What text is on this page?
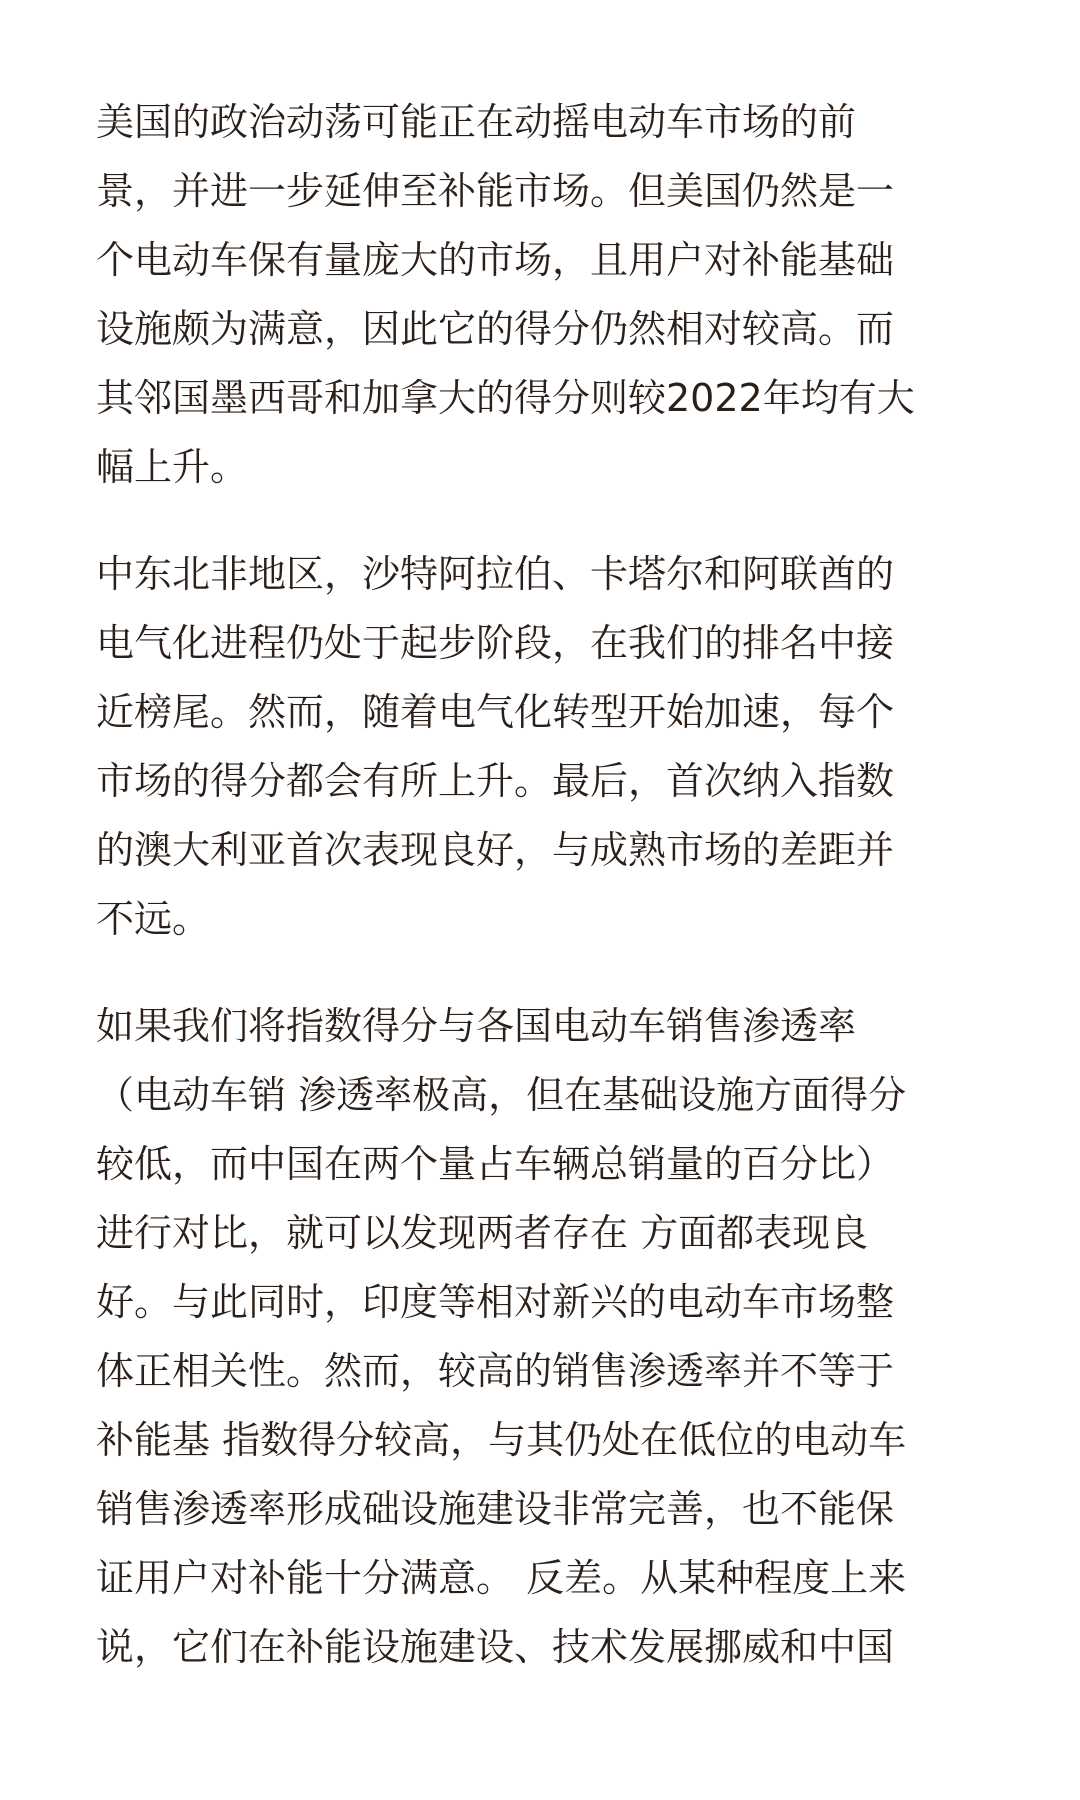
美国的政治动荡可能正在动摇电动车市场的前
景，并进一步延伸至补能市场。但美国仍然是一
个电动车保有量庞大的市场，且用户对补能基础
设施颇为满意，因此它的得分仍然相对较高。而
其邻国墨西哥和加拿大的得分则较2022年均有大
幅上升。

中东北非地区，沙特阿拉伯、卡塔尔和阿联酋的
电气化进程仍处于起步阶段，在我们的排名中接
近榜尾。然而，随着电气化转型开始加速，每个
市场的得分都会有所上升。最后，首次纳入指数
的澳大利亚首次表现良好，与成熟市场的差距并
不远。

如果我们将指数得分与各国电动车销售渗透率
（电动车销 渗透率极高，但在基础设施方面得分
较低，而中国在两个量占车辆总销量的百分比）
进行对比，就可以发现两者存在 方面都表现良
好。与此同时，印度等相对新兴的电动车市场整
体正相关性。然而，较高的销售渗透率并不等于
补能基 指数得分较高，与其仍处在低位的电动车
销售渗透率形成础设施建设非常完善，也不能保
证用户对补能十分满意。 反差。从某种程度上来
说，它们在补能设施建设、技术发展挪威和中国
